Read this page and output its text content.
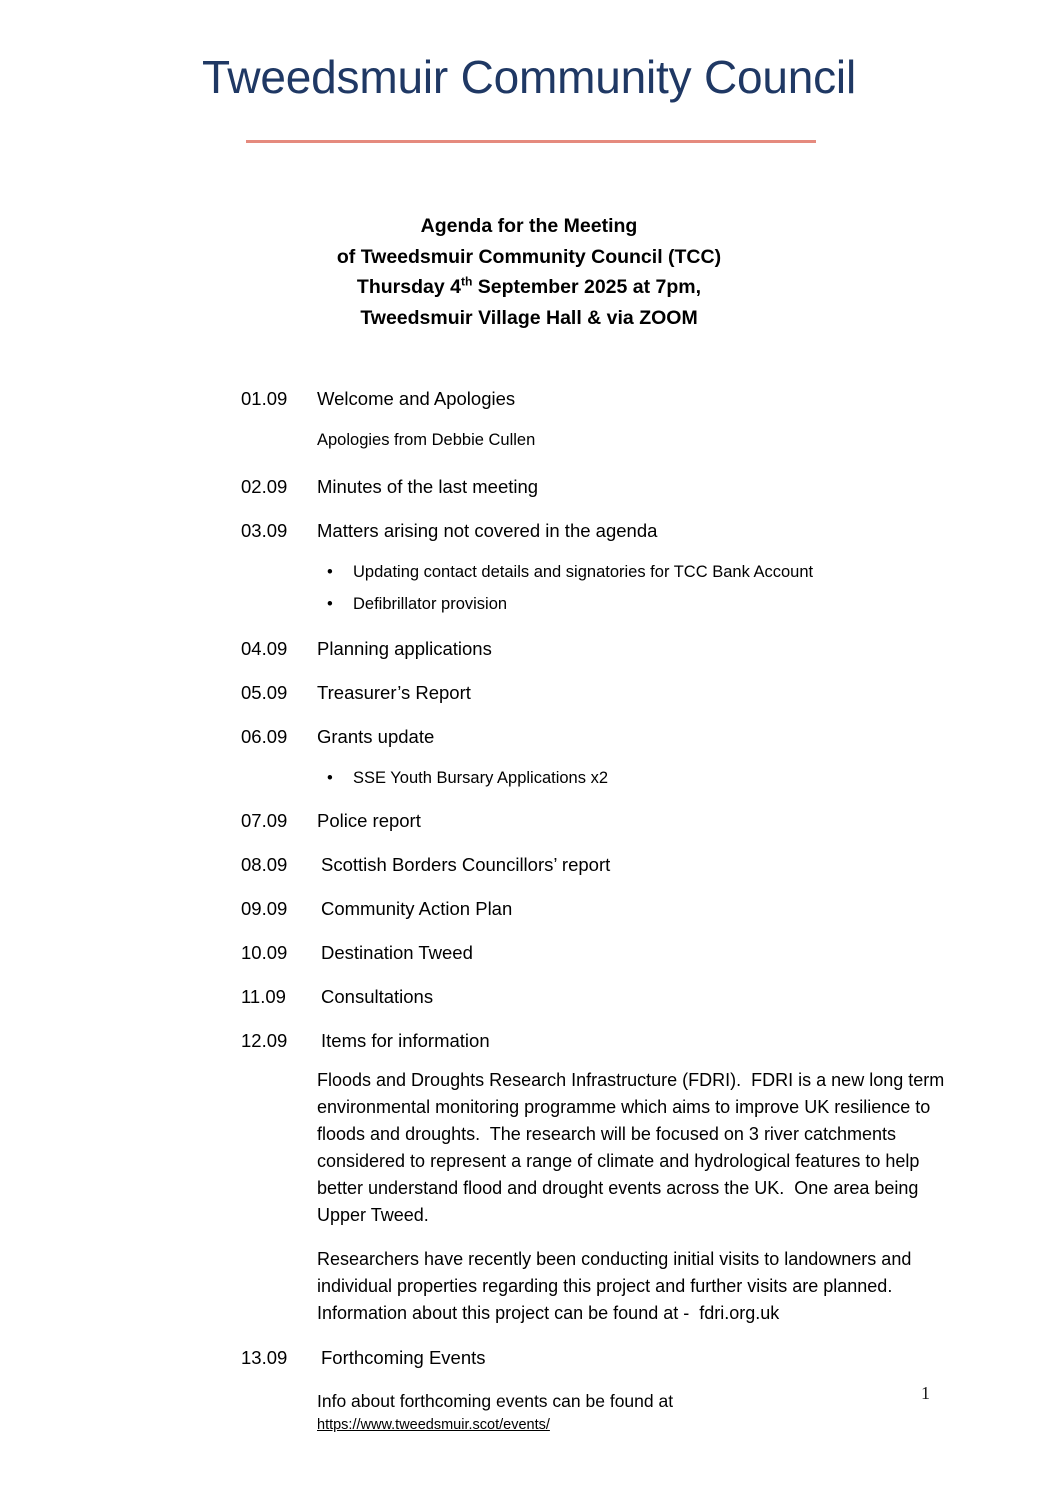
Tweedsmuir Community Council
Agenda for the Meeting
of Tweedsmuir Community Council (TCC)
Thursday 4th September 2025 at 7pm,
Tweedsmuir Village Hall & via ZOOM
01.09	Welcome and Apologies
Apologies from Debbie Cullen
02.09	Minutes of the last meeting
03.09	Matters arising not covered in the agenda
• Updating contact details and signatories for TCC Bank Account
• Defibrillator provision
04.09	Planning applications
05.09	Treasurer’s Report
06.09	Grants update
• SSE Youth Bursary Applications x2
07.09	Police report
08.09	Scottish Borders Councillors’ report
09.09	Community Action Plan
10.09	Destination Tweed
11.09	Consultations
12.09	Items for information
Floods and Droughts Research Infrastructure (FDRI).  FDRI is a new long term environmental monitoring programme which aims to improve UK resilience to floods and droughts.  The research will be focused on 3 river catchments considered to represent a range of climate and hydrological features to help better understand flood and drought events across the UK.  One area being Upper Tweed.
Researchers have recently been conducting initial visits to landowners and individual properties regarding this project and further visits are planned.  Information about this project can be found at -  fdri.org.uk
13.09	Forthcoming Events
Info about forthcoming events can be found at
https://www.tweedsmuir.scot/events/
1
